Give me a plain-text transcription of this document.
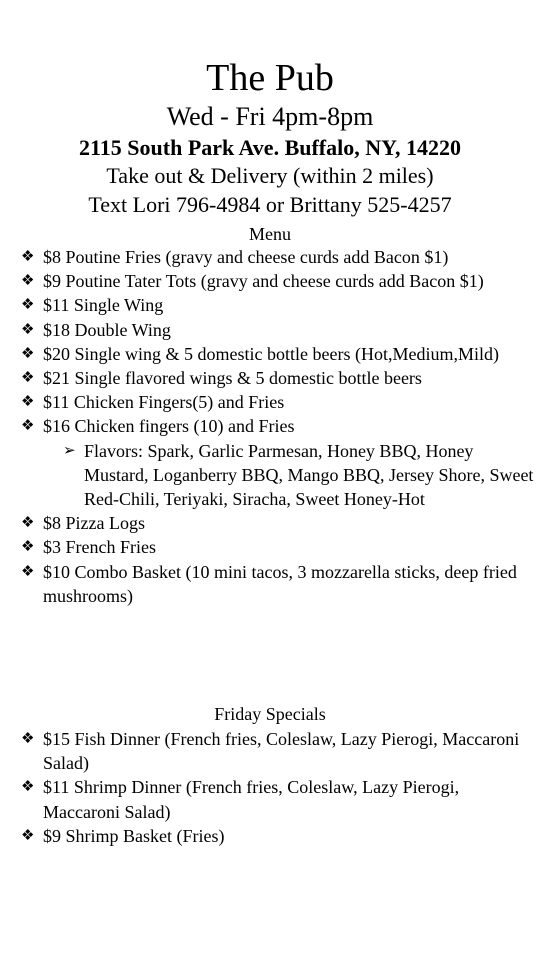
The Pub
Wed - Fri 4pm-8pm
2115 South Park Ave. Buffalo, NY, 14220
Take out & Delivery (within 2 miles)
Text Lori 796-4984 or Brittany 525-4257
Menu
❖ $8 Poutine Fries (gravy and cheese curds add Bacon $1)
❖ $9 Poutine Tater Tots (gravy and cheese curds add Bacon $1)
❖ $11 Single Wing
❖ $18 Double Wing
❖ $20 Single wing & 5 domestic bottle beers (Hot,Medium,Mild)
❖ $21 Single flavored wings & 5 domestic bottle beers
❖ $11 Chicken Fingers(5) and Fries
❖ $16 Chicken fingers (10) and Fries
➢ Flavors: Spark, Garlic Parmesan, Honey BBQ, Honey Mustard, Loganberry BBQ, Mango BBQ, Jersey Shore, Sweet Red-Chili, Teriyaki, Siracha, Sweet Honey-Hot
❖ $8 Pizza Logs
❖ $3 French Fries
❖ $10 Combo Basket (10 mini tacos, 3 mozzarella sticks, deep fried mushrooms)
Friday Specials
❖ $15 Fish Dinner (French fries, Coleslaw, Lazy Pierogi, Maccaroni Salad)
❖ $11 Shrimp Dinner (French fries, Coleslaw, Lazy Pierogi, Maccaroni Salad)
❖ $9 Shrimp Basket (Fries)
